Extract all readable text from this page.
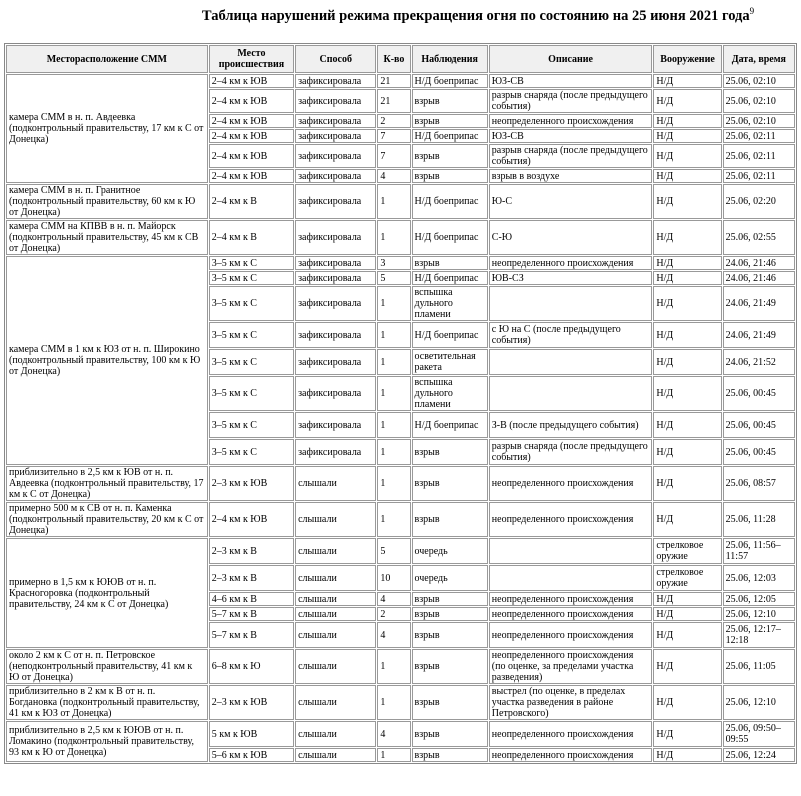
Таблица нарушений режима прекращения огня по состоянию на 25 июня 2021 года$^9$
Месторасположение СММ	Место происшествия	Способ	К-во	Наблюдения	Описание	Вооружение	Дата, время
камера СММ в н. п. Авдеевка (подконтрольный правительству, 17 км к С от Донецка)	2–4 км к ЮВ	зафиксировала	21	Н/Д боеприпас	ЮЗ-СВ	Н/Д	25.06, 02:10
	2–4 км к ЮВ	зафиксировала	21	взрыв	разрыв снаряда (после предыдущего события)	Н/Д	25.06, 02:10
	2–4 км к ЮВ	зафиксировала	2	взрыв	неопределенного происхождения	Н/Д	25.06, 02:10
	2–4 км к ЮВ	зафиксировала	7	Н/Д боеприпас	ЮЗ-СВ	Н/Д	25.06, 02:11
	2–4 км к ЮВ	зафиксировала	7	взрыв	разрыв снаряда (после предыдущего события)	Н/Д	25.06, 02:11
	2–4 км к ЮВ	зафиксировала	4	взрыв	взрыв в воздухе	Н/Д	25.06, 02:11
камера СММ в н. п. Гранитное (подконтрольный правительству, 60 км к Ю от Донецка)	2–4 км к В	зафиксировала	1	Н/Д боеприпас	Ю-С	Н/Д	25.06, 02:20
камера СММ на КПВВ в н. п. Майорск (подконтрольный правительству, 45 км к СВ от Донецка)	2–4 км к В	зафиксировала	1	Н/Д боеприпас	С-Ю	Н/Д	25.06, 02:55
камера СММ в 1 км к ЮЗ от н. п. Широкино (подконтрольный правительству, 100 км к Ю от Донецка)	3–5 км к С	зафиксировала	3	взрыв	неопределенного происхождения	Н/Д	24.06, 21:46
	3–5 км к С	зафиксировала	5	Н/Д боеприпас	ЮВ-СЗ	Н/Д	24.06, 21:46
	3–5 км к С	зафиксировала	1	вспышка дульного пламени		Н/Д	24.06, 21:49
	3–5 км к С	зафиксировала	1	Н/Д боеприпас	с Ю на С (после предыдущего события)	Н/Д	24.06, 21:49
	3–5 км к С	зафиксировала	1	осветительная ракета		Н/Д	24.06, 21:52
	3–5 км к С	зафиксировала	1	вспышка дульного пламени		Н/Д	25.06, 00:45
	3–5 км к С	зафиксировала	1	Н/Д боеприпас	З-В (после предыдущего события)	Н/Д	25.06, 00:45
	3–5 км к С	зафиксировала	1	взрыв	разрыв снаряда (после предыдущего события)	Н/Д	25.06, 00:45
приблизительно в 2,5 км к ЮВ от н. п. Авдеевка (подконтрольный правительству, 17 км к С от Донецка)	2–3 км к ЮВ	слышали	1	взрыв	неопределенного происхождения	Н/Д	25.06, 08:57
примерно 500 м к СВ от н. п. Каменка (подконтрольный правительству, 20 км к С от Донецка)	2–4 км к ЮВ	слышали	1	взрыв	неопределенного происхождения	Н/Д	25.06, 11:28
примерно в 1,5 км к ЮЮВ от н. п. Красногоровка (подконтрольный правительству, 24 км к С от Донецка)	2–3 км к В	слышали	5	очередь		стрелковое оружие	25.06, 11:56–11:57
	2–3 км к В	слышали	10	очередь		стрелковое оружие	25.06, 12:03
	4–6 км к В	слышали	4	взрыв	неопределенного происхождения	Н/Д	25.06, 12:05
	5–7 км к В	слышали	2	взрыв	неопределенного происхождения	Н/Д	25.06, 12:10
	5–7 км к В	слышали	4	взрыв	неопределенного происхождения	Н/Д	25.06, 12:17–12:18
около 2 км к С от н. п. Петровское (неподконтрольный правительству, 41 км к Ю от Донецка)	6–8 км к Ю	слышали	1	взрыв	неопределенного происхождения (по оценке, за пределами участка разведения)	Н/Д	25.06, 11:05
приблизительно в 2 км к В от н. п. Богдановка (подконтрольный правительству, 41 км к ЮЗ от Донецка)	2–3 км к ЮВ	слышали	1	взрыв	выстрел (по оценке, в пределах участка разведения в районе Петровского)	Н/Д	25.06, 12:10
приблизительно в 2,5 км к ЮЮВ от н. п. Ломакино (подконтрольный правительству, 93 км к Ю от Донецка)	5 км к ЮВ	слышали	4	взрыв	неопределенного происхождения	Н/Д	25.06, 09:50–09:55
	5–6 км к ЮВ	слышали	1	взрыв	неопределенного происхождения	Н/Д	25.06, 12:24
